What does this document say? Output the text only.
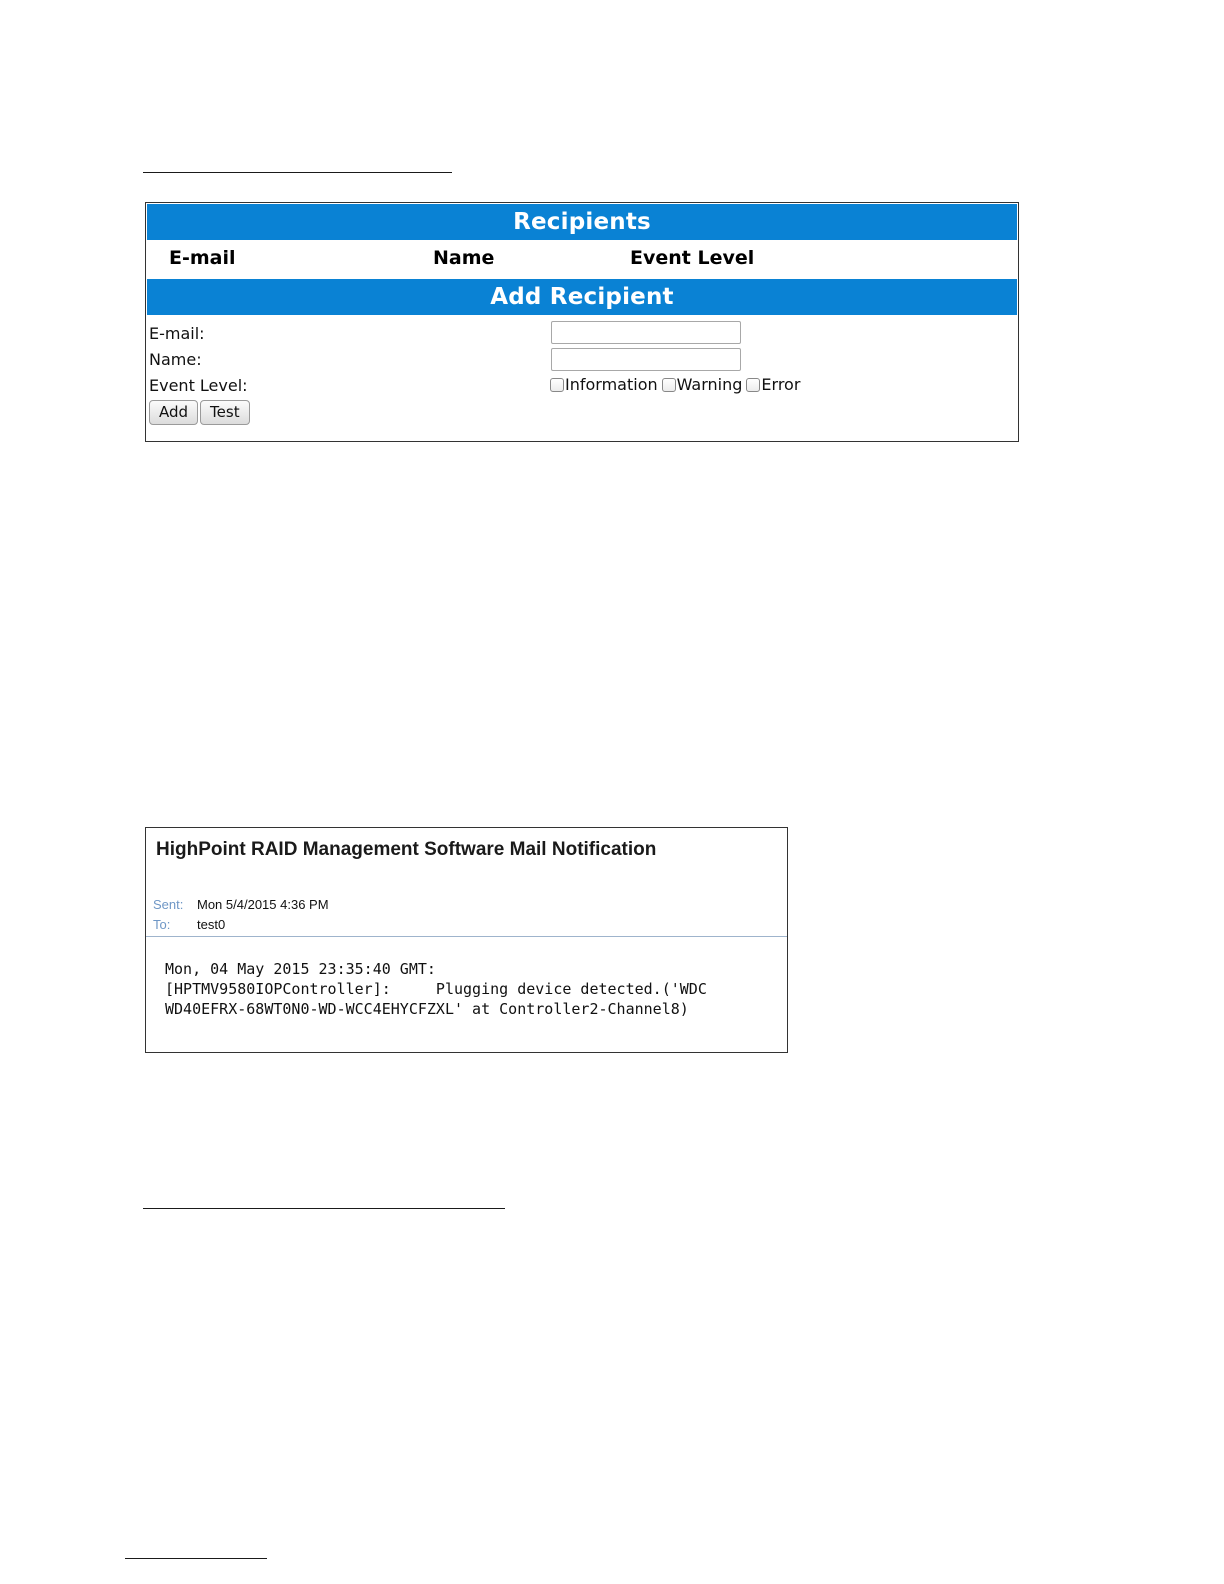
Recipients
E-mail	Name	Event Level
Add Recipient
E-mail:
Name:
Event Level:	Information Warning Error
Add	Test
HighPoint RAID Management Software Mail Notification
Sent:	Mon 5/4/2015 4:36 PM
To:	test0
Mon, 04 May 2015 23:35:40 GMT:
[HPTMV9580IOPController]:     Plugging device detected.('WDC
WD40EFRX-68WT0N0-WD-WCC4EHYCFZXL' at Controller2-Channel8)
